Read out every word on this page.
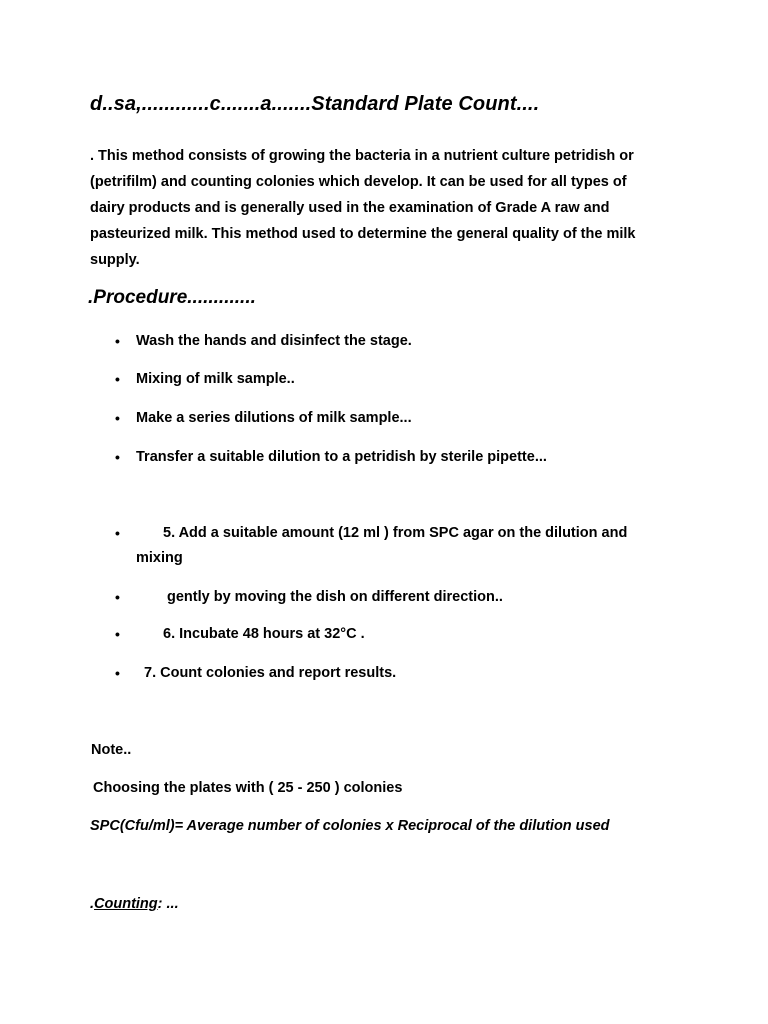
d..sa,............c.......a.......Standard Plate Count....
. This method consists of growing the bacteria in a nutrient culture petridish or
(petrifilm) and counting colonies which develop. It can be used for all types of
dairy products and is generally used in the examination of Grade A raw and
pasteurized milk. This method used to determine the general quality of the milk
supply.
.Procedure.............
• Wash the hands and disinfect the stage.
• Mixing of milk sample..
• Make a series dilutions of milk sample...
• Transfer a suitable dilution to a petridish by sterile pipette...
•	5. Add a suitable amount (12 ml ) from SPC agar on the dilution and
mixing
•	gently by moving the dish on different direction..
•	6. Incubate 48 hours at 32°C .
• 7. Count colonies and report results.
Note..
Choosing the plates with ( 25 - 250 ) colonies
SPC(Cfu/ml)= Average number of colonies x Reciprocal of the dilution used
.Counting: ...
